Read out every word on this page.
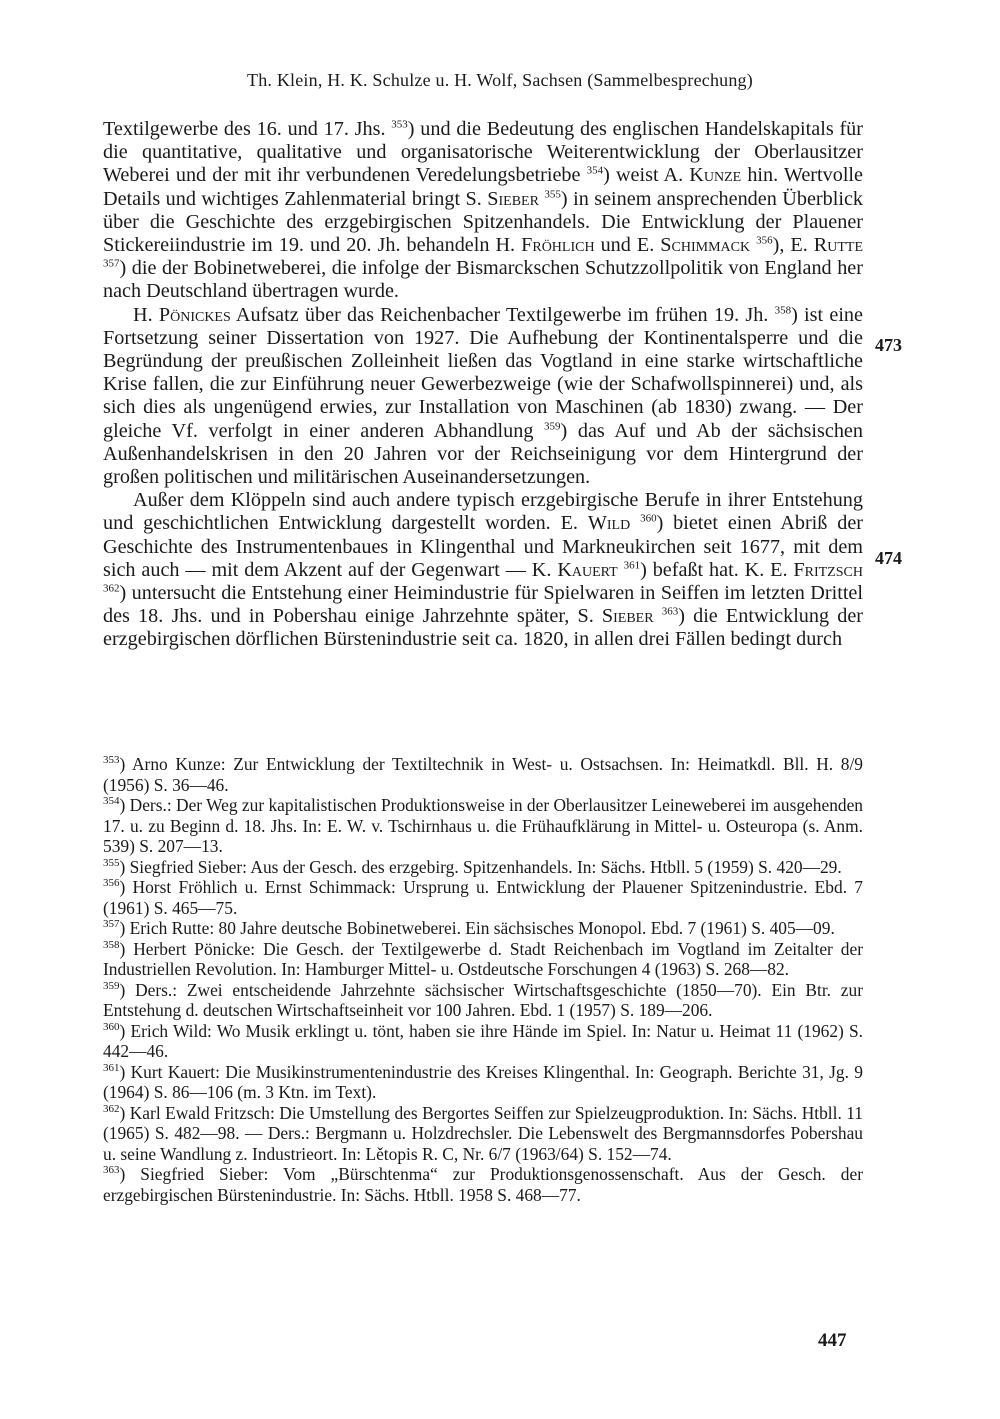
Th. Klein, H. K. Schulze u. H. Wolf, Sachsen (Sammelbesprechung)

Textilgewerbe des 16. und 17. Jhs. $^{353}$) und die Bedeutung des englischen Handelskapitals für die quantitative, qualitative und organisatorische Weiterentwicklung der Oberlausitzer Weberei und der mit ihr verbundenen Veredelungsbetriebe $^{354}$) weist A. Kunze hin. Wertvolle Details und wichtiges Zahlenmaterial bringt S. Sieber $^{355}$) in seinem ansprechenden Überblick über die Geschichte des erzgebirgischen Spitzenhandels. Die Entwicklung der Plauener Stickereiindustrie im 19. und 20. Jh. behandeln H. Fröhlich und E. Schimmack $^{356}$), E. Rutte $^{357}$) die der Bobinetweberei, die infolge der Bismarckschen Schutzzollpolitik von England her nach Deutschland übertragen wurde.

H. Pönickes Aufsatz über das Reichenbacher Textilgewerbe im frühen 19. Jh. $^{358}$) ist eine Fortsetzung seiner Dissertation von 1927. Die Aufhebung der Kontinentalsperre und die Begründung der preußischen Zolleinheit ließen das Vogtland in eine starke wirtschaftliche Krise fallen, die zur Einführung neuer Gewerbezweige (wie der Schafwollspinnerei) und, als sich dies als ungenügend erwies, zur Installation von Maschinen (ab 1830) zwang. — Der gleiche Vf. verfolgt in einer anderen Abhandlung $^{359}$) das Auf und Ab der sächsischen Außenhandelskrisen in den 20 Jahren vor der Reichseinigung vor dem Hintergrund der großen politischen und militärischen Auseinandersetzungen.

Außer dem Klöppeln sind auch andere typisch erzgebirgische Berufe in ihrer Entstehung und geschichtlichen Entwicklung dargestellt worden. E. Wild $^{360}$) bietet einen Abriß der Geschichte des Instrumentenbaues in Klingenthal und Markneukirchen seit 1677, mit dem sich auch — mit dem Akzent auf der Gegenwart — K. Kauert $^{361}$) befaßt hat. K. E. Fritzsch $^{362}$) untersucht die Entstehung einer Heimindustrie für Spielwaren in Seiffen im letzten Drittel des 18. Jhs. und in Pobershau einige Jahrzehnte später, S. Sieber $^{363}$) die Entwicklung der erzgebirgischen dörflichen Bürstenindustrie seit ca. 1820, in allen drei Fällen bedingt durch

473
474

$^{353}$) Arno Kunze: Zur Entwicklung der Textiltechnik in West- u. Ostsachsen. In: Heimatkdl. Bll. H. 8/9 (1956) S. 36—46.

$^{354}$) Ders.: Der Weg zur kapitalistischen Produktionsweise in der Oberlausitzer Leineweberei im ausgehenden 17. u. zu Beginn d. 18. Jhs. In: E. W. v. Tschirnhaus u. die Frühaufklärung in Mittel- u. Osteuropa (s. Anm. 539) S. 207—13.

$^{355}$) Siegfried Sieber: Aus der Gesch. des erzgebirg. Spitzenhandels. In: Sächs. Htbll. 5 (1959) S. 420—29.

$^{356}$) Horst Fröhlich u. Ernst Schimmack: Ursprung u. Entwicklung der Plauener Spitzenindustrie. Ebd. 7 (1961) S. 465—75.

$^{357}$) Erich Rutte: 80 Jahre deutsche Bobinetweberei. Ein sächsisches Monopol. Ebd. 7 (1961) S. 405—09.

$^{358}$) Herbert Pönicke: Die Gesch. der Textilgewerbe d. Stadt Reichenbach im Vogtland im Zeitalter der Industriellen Revolution. In: Hamburger Mittel- u. Ostdeutsche Forschungen 4 (1963) S. 268—82.

$^{359}$) Ders.: Zwei entscheidende Jahrzehnte sächsischer Wirtschaftsgeschichte (1850—70). Ein Btr. zur Entstehung d. deutschen Wirtschaftseinheit vor 100 Jahren. Ebd. 1 (1957) S. 189—206.

$^{360}$) Erich Wild: Wo Musik erklingt u. tönt, haben sie ihre Hände im Spiel. In: Natur u. Heimat 11 (1962) S. 442—46.

$^{361}$) Kurt Kauert: Die Musikinstrumentenindustrie des Kreises Klingenthal. In: Geograph. Berichte 31, Jg. 9 (1964) S. 86—106 (m. 3 Ktn. im Text).

$^{362}$) Karl Ewald Fritzsch: Die Umstellung des Bergortes Seiffen zur Spielzeugproduktion. In: Sächs. Htbll. 11 (1965) S. 482—98. — Ders.: Bergmann u. Holzdrechsler. Die Lebenswelt des Bergmannsdorfes Pobershau u. seine Wandlung z. Industrieort. In: Lětopis R. C, Nr. 6/7 (1963/64) S. 152—74.

$^{363}$) Siegfried Sieber: Vom „Bürschtenma“ zur Produktionsgenossenschaft. Aus der Gesch. der erzgebirgischen Bürstenindustrie. In: Sächs. Htbll. 1958 S. 468—77.

447
